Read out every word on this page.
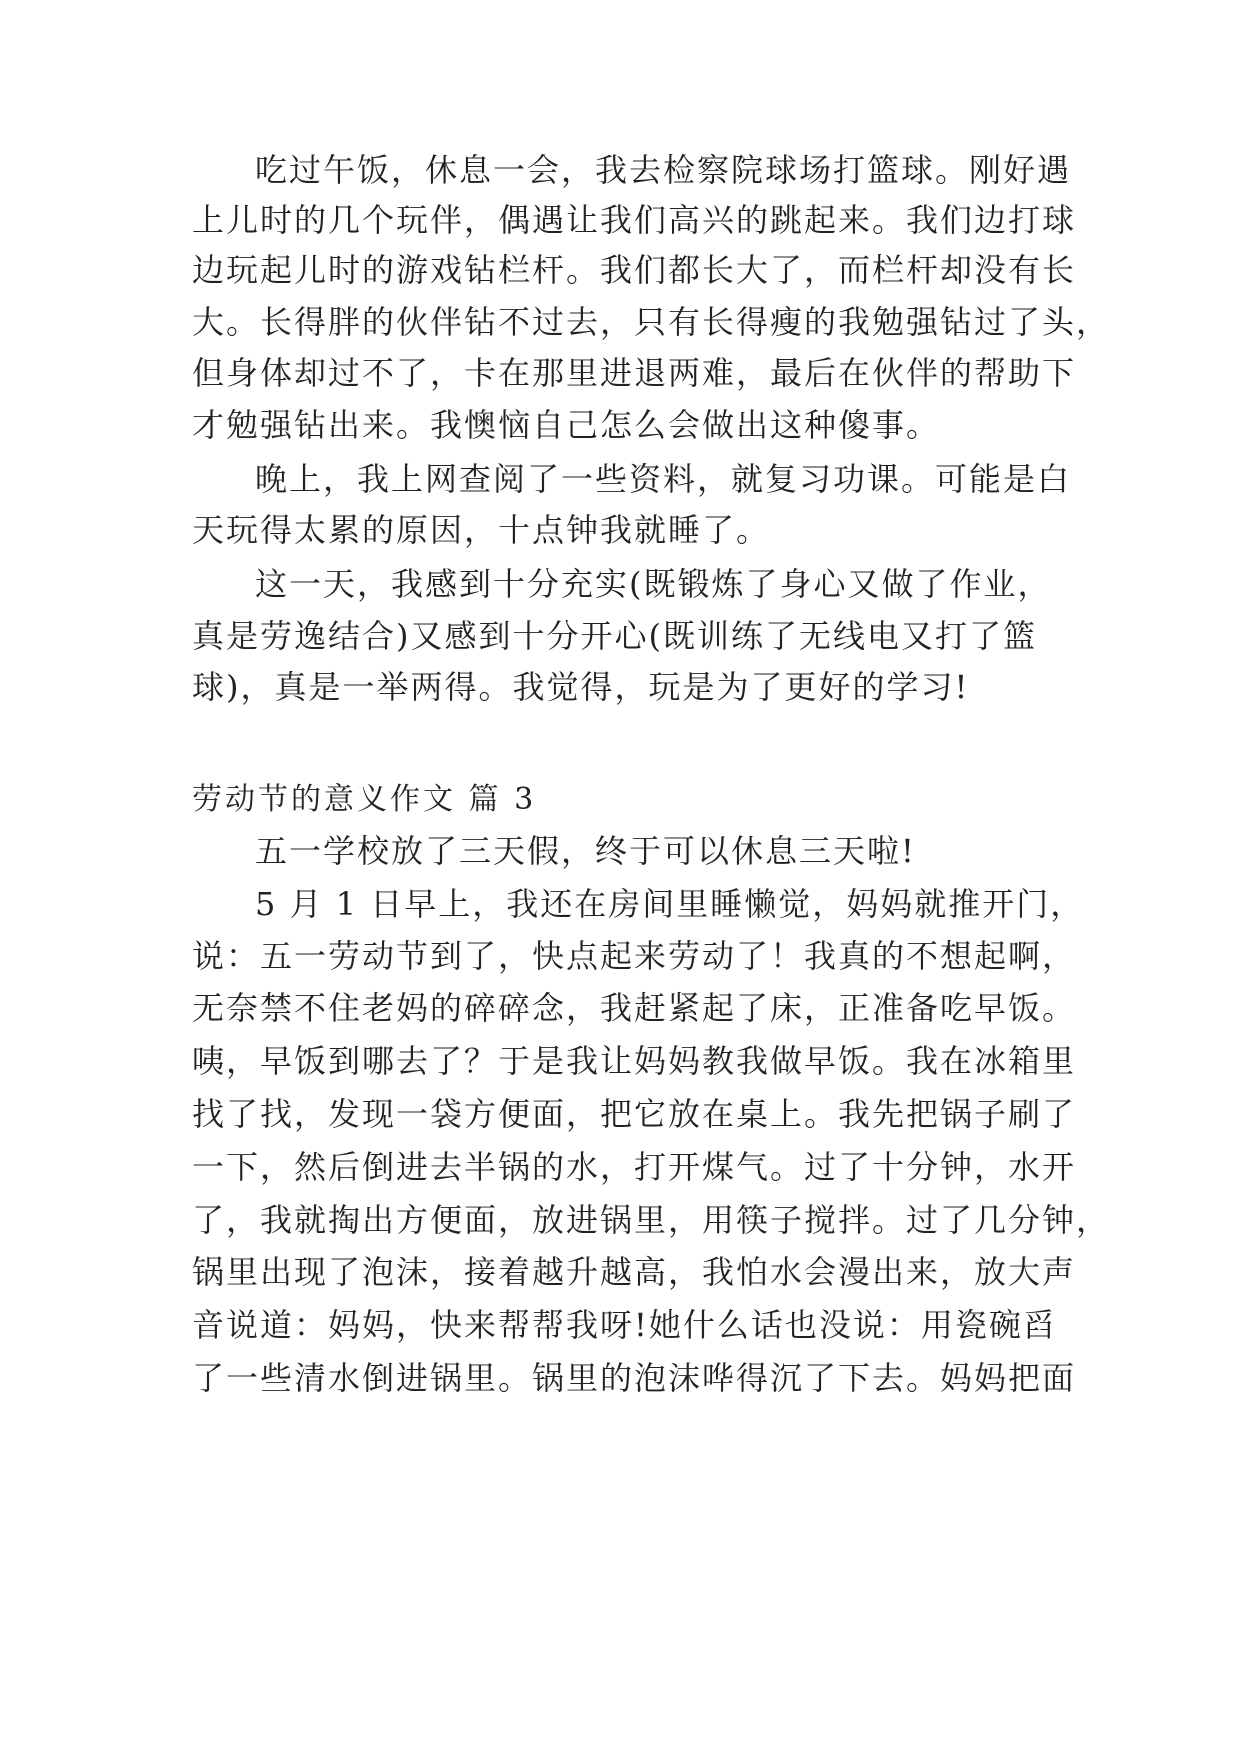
吃过午饭，休息一会，我去检察院球场打篮球。刚好遇
上儿时的几个玩伴，偶遇让我们高兴的跳起来。我们边打球
边玩起儿时的游戏钻栏杆。我们都长大了，而栏杆却没有长
大。长得胖的伙伴钻不过去，只有长得瘦的我勉强钻过了头，
但身体却过不了，卡在那里进退两难，最后在伙伴的帮助下
才勉强钻出来。我懊恼自己怎么会做出这种傻事。
晚上，我上网查阅了一些资料，就复习功课。可能是白
天玩得太累的原因，十点钟我就睡了。
这一天，我感到十分充实(既锻炼了身心又做了作业，
真是劳逸结合)又感到十分开心(既训练了无线电又打了篮
球)，真是一举两得。我觉得，玩是为了更好的学习!
劳动节的意义作文 篇 3
五一学校放了三天假，终于可以休息三天啦!
5 月 1 日早上，我还在房间里睡懒觉，妈妈就推开门，
说：五一劳动节到了，快点起来劳动了！我真的不想起啊，
无奈禁不住老妈的碎碎念，我赶紧起了床，正准备吃早饭。
咦，早饭到哪去了？于是我让妈妈教我做早饭。我在冰箱里
找了找，发现一袋方便面，把它放在桌上。我先把锅子刷了
一下，然后倒进去半锅的水，打开煤气。过了十分钟，水开
了，我就掏出方便面，放进锅里，用筷子搅拌。过了几分钟，
锅里出现了泡沫，接着越升越高，我怕水会漫出来，放大声
音说道：妈妈，快来帮帮我呀!她什么话也没说：用瓷碗舀
了一些清水倒进锅里。锅里的泡沫哗得沉了下去。妈妈把面
